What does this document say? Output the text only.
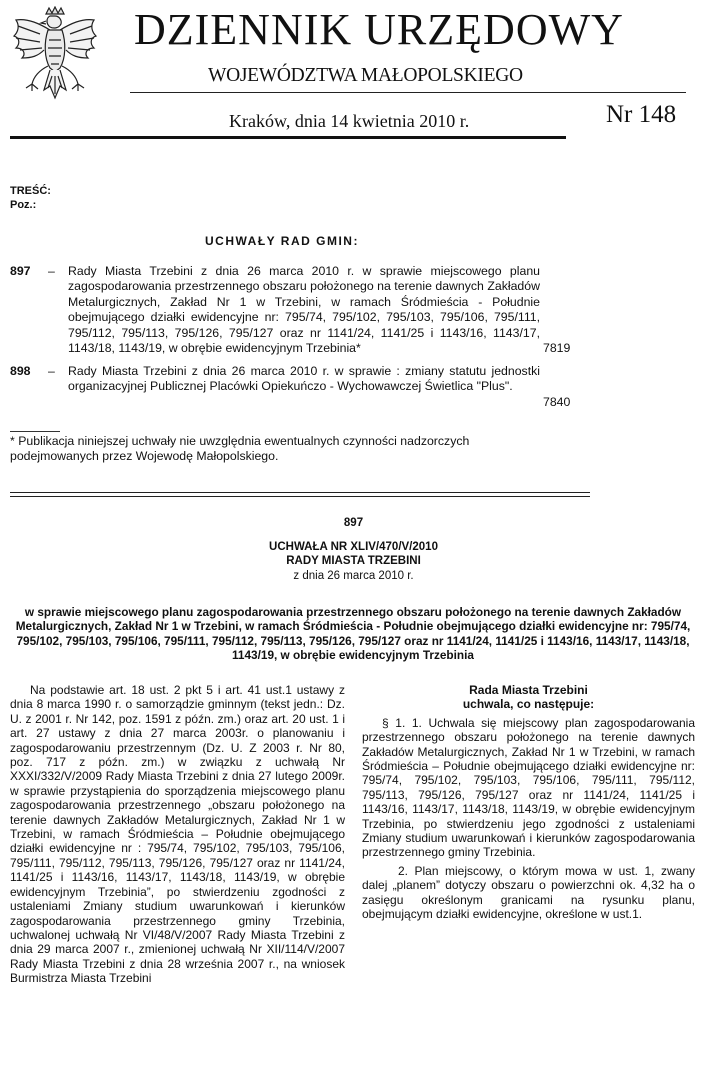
DZIENNIK URZĘDOWY
WOJEWÓDZTWA MAŁOPOLSKIEGO
Kraków, dnia 14 kwietnia 2010 r.	Nr 148
TREŚĆ:
Poz.:
UCHWAŁY RAD GMIN:
897 – Rady Miasta Trzebini z dnia 26 marca 2010 r. w sprawie miejscowego planu zagospodarowania przestrzennego obszaru położonego na terenie dawnych Zakładów Metalurgicznych, Zakład Nr 1 w Trzebini, w ramach Śródmieścia - Południe obejmującego działki ewidencyjne nr: 795/74, 795/102, 795/103, 795/106, 795/111, 795/112, 795/113, 795/126, 795/127 oraz nr 1141/24, 1141/25 i 1143/16, 1143/17, 1143/18, 1143/19, w obrębie ewidencyjnym Trzebinia*	7819
898 – Rady Miasta Trzebini z dnia 26 marca 2010 r. w sprawie : zmiany statutu jednostki organizacyjnej Publicznej Placówki Opiekuńczo - Wychowawczej Świetlica "Plus".
7840
* Publikacja niniejszej uchwały nie uwzględnia ewentualnych czynności nadzorczych podejmowanych przez Wojewodę Małopolskiego.
897
UCHWAŁA NR XLIV/470/V/2010
RADY MIASTA TRZEBINI
z dnia 26 marca 2010 r.
w sprawie miejscowego planu zagospodarowania przestrzennego obszaru położonego na terenie dawnych Zakładów Metalurgicznych, Zakład Nr 1 w Trzebini, w ramach Śródmieścia - Południe obejmującego działki ewidencyjne nr: 795/74, 795/102, 795/103, 795/106, 795/111, 795/112, 795/113, 795/126, 795/127 oraz nr 1141/24, 1141/25 i 1143/16, 1143/17, 1143/18, 1143/19, w obrębie ewidencyjnym Trzebinia

Na podstawie art. 18 ust. 2 pkt 5 i art. 41 ust.1 ustawy z dnia 8 marca 1990 r. o samorządzie gminnym (tekst jedn.: Dz. U. z 2001 r. Nr 142, poz. 1591 z późn. zm.) oraz art. 20 ust. 1 i art. 27 ustawy z dnia 27 marca 2003r. o planowaniu i zagospodarowaniu przestrzennym (Dz. U. Z 2003 r. Nr 80, poz. 717 z późn. zm.) w związku z uchwałą Nr XXXI/332/V/2009 Rady Miasta Trzebini z dnia 27 lutego 2009r. w sprawie przystąpienia do sporządzenia miejscowego planu zagospodarowania przestrzennego „obszaru położonego na terenie dawnych Zakładów Metalurgicznych, Zakład Nr 1 w Trzebini, w ramach Śródmieścia – Południe obejmującego działki ewidencyjne nr : 795/74, 795/102, 795/103, 795/106, 795/111, 795/112, 795/113, 795/126, 795/127 oraz nr 1141/24, 1141/25 i 1143/16, 1143/17, 1143/18, 1143/19, w obrębie ewidencyjnym Trzebinia”, po stwierdzeniu zgodności z ustaleniami Zmiany studium uwarunkowań i kierunków zagospodarowania przestrzennego gminy Trzebinia, uchwalonej uchwałą Nr VI/48/V/2007 Rady Miasta Trzebini z dnia 29 marca 2007 r., zmienionej uchwałą Nr XII/114/V/2007 Rady Miasta Trzebini z dnia 28 września 2007 r., na wniosek Burmistrza Miasta Trzebini

Rada Miasta Trzebini

uchwala, co następuje:

§ 1. 1. Uchwala się miejscowy plan zagospodarowania przestrzennego obszaru położonego na terenie dawnych Zakładów Metalurgicznych, Zakład Nr 1 w Trzebini, w ramach Śródmieścia – Południe obejmującego działki ewidencyjne nr: 795/74, 795/102, 795/103, 795/106, 795/111, 795/112, 795/113, 795/126, 795/127 oraz nr 1141/24, 1141/25 i 1143/16, 1143/17, 1143/18, 1143/19, w obrębie ewidencyjnym Trzebinia, po stwierdzeniu jego zgodności z ustaleniami Zmiany studium uwarunkowań i kierunków zagospodarowania przestrzennego gminy Trzebinia.

2. Plan miejscowy, o którym mowa w ust. 1, zwany dalej „planem” dotyczy obszaru o powierzchni ok. 4,32 ha o zasięgu określonym granicami na rysunku planu, obejmującym działki ewidencyjne, określone w ust.1.
